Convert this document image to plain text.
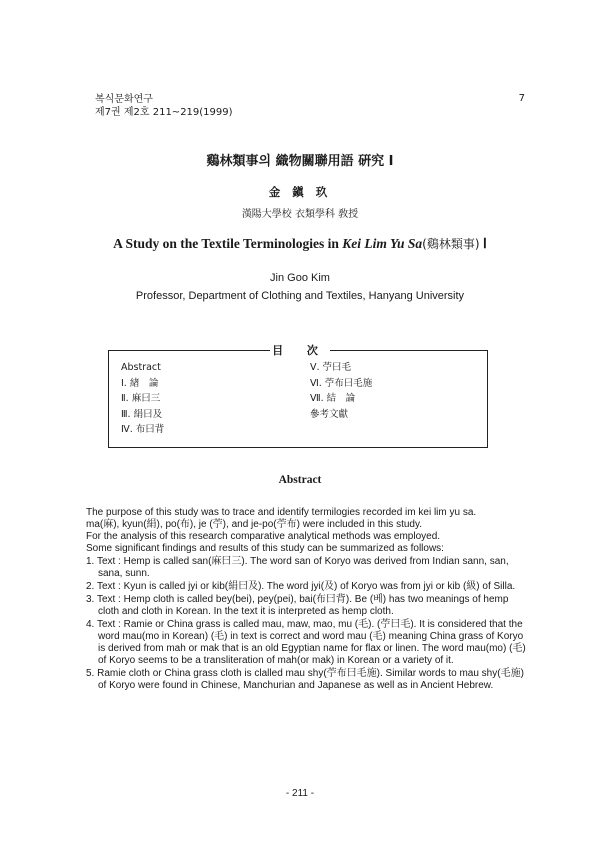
복식문화연구
제7권 제2호 211~219(1999)
7
鷄林類事의 織物關聯用語 硏究 Ⅰ
金 鎭 玖
漢陽大學校 衣類學科 敎授
A Study on the Textile Terminologies in Kei Lim Yu Sa(鷄林類事) Ⅰ
Jin Goo Kim
Professor, Department of Clothing and Textiles, Hanyang University
目 次
Abstract
Ⅰ. 緖　論
Ⅱ. 麻曰三
Ⅲ. 絹曰及
Ⅳ. 布曰背
Ⅴ. 苧曰毛
Ⅵ. 苧布曰毛施
Ⅶ. 結　論
參考文獻
Abstract

The purpose of this study was to trace and identify termilogies recorded im kei lim yu sa.

ma(麻), kyun(絹), po(布), je (苧), and je-po(苧布) were included in this study.

For the analysis of this research comparative analytical methods was employed.

Some significant findings and results of this study can be summarized as follows:

1. Text : Hemp is called san(麻曰三). The word san of Koryo was derived from Indian sann, san, sana, sunn.

2. Text : Kyun is called jyi or kib(絹曰及). The word jyi(及) of Koryo was from jyi or kib (級) of Silla.

3. Text : Hemp cloth is called bey(bei), pey(pei), bai(布曰背). Be (베) has two meanings of hemp cloth and cloth in Korean. In the text it is interpreted as hemp cloth.

4. Text : Ramie or China grass is called mau, maw, mao, mu (毛). (苧曰毛). It is considered that the word mau(mo in Korean) (毛) in text is correct and word mau (毛) meaning China grass of Koryo is derived from mah or mak that is an old Egyptian name for flax or linen. The word mau(mo) (毛) of Koryo seems to be a transliteration of mah(or mak) in Korean or a variety of it.

5. Ramie cloth or China grass cloth is clalled mau shy(苧布曰毛施). Similar words to mau shy(毛施) of Koryo were found in Chinese, Manchurian and Japanese as well as in Ancient Hebrew.

- 211 -
